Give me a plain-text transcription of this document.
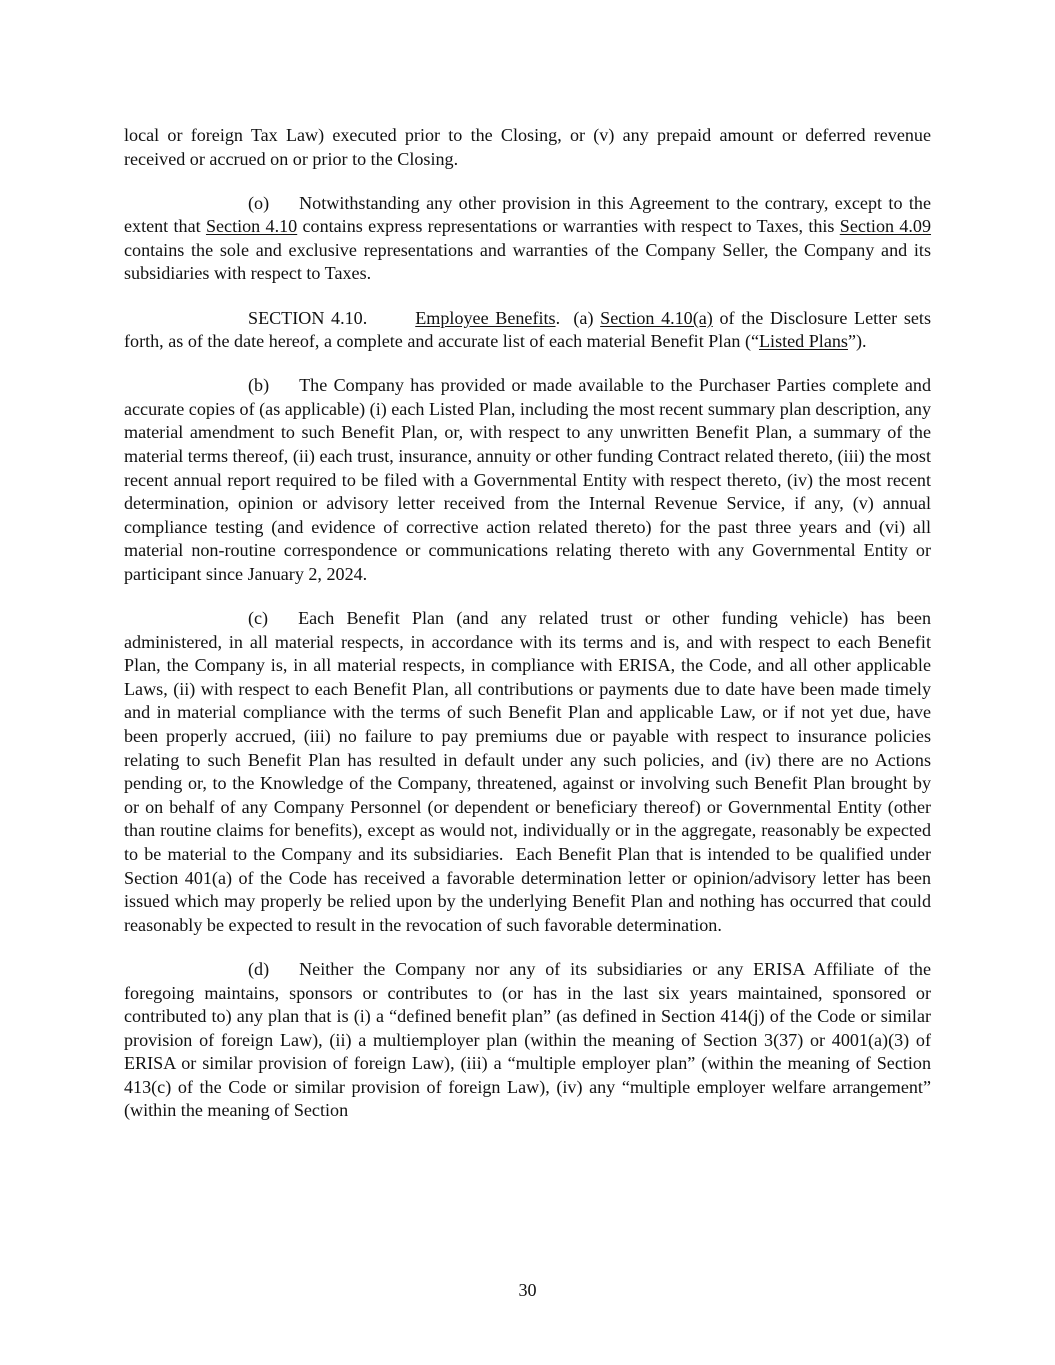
local or foreign Tax Law) executed prior to the Closing, or (v) any prepaid amount or deferred revenue received or accrued on or prior to the Closing.

(o) Notwithstanding any other provision in this Agreement to the contrary, except to the extent that Section 4.10 contains express representations or warranties with respect to Taxes, this Section 4.09 contains the sole and exclusive representations and warranties of the Company Seller, the Company and its subsidiaries with respect to Taxes.

SECTION 4.10.	Employee Benefits.  (a) Section 4.10(a) of the Disclosure Letter sets forth, as of the date hereof, a complete and accurate list of each material Benefit Plan (“Listed Plans”).

(b) The Company has provided or made available to the Purchaser Parties complete and accurate copies of (as applicable) (i) each Listed Plan, including the most recent summary plan description, any material amendment to such Benefit Plan, or, with respect to any unwritten Benefit Plan, a summary of the material terms thereof, (ii) each trust, insurance, annuity or other funding Contract related thereto, (iii) the most recent annual report required to be filed with a Governmental Entity with respect thereto, (iv) the most recent determination, opinion or advisory letter received from the Internal Revenue Service, if any, (v) annual compliance testing (and evidence of corrective action related thereto) for the past three years and (vi) all material non-routine correspondence or communications relating thereto with any Governmental Entity or participant since January 2, 2024.

(c) Each Benefit Plan (and any related trust or other funding vehicle) has been administered, in all material respects, in accordance with its terms and is, and with respect to each Benefit Plan, the Company is, in all material respects, in compliance with ERISA, the Code, and all other applicable Laws, (ii) with respect to each Benefit Plan, all contributions or payments due to date have been made timely and in material compliance with the terms of such Benefit Plan and applicable Law, or if not yet due, have been properly accrued, (iii) no failure to pay premiums due or payable with respect to insurance policies relating to such Benefit Plan has resulted in default under any such policies, and (iv) there are no Actions pending or, to the Knowledge of the Company, threatened, against or involving such Benefit Plan brought by or on behalf of any Company Personnel (or dependent or beneficiary thereof) or Governmental Entity (other than routine claims for benefits), except as would not, individually or in the aggregate, reasonably be expected to be material to the Company and its subsidiaries.  Each Benefit Plan that is intended to be qualified under Section 401(a) of the Code has received a favorable determination letter or opinion/advisory letter has been issued which may properly be relied upon by the underlying Benefit Plan and nothing has occurred that could reasonably be expected to result in the revocation of such favorable determination.

(d) Neither the Company nor any of its subsidiaries or any ERISA Affiliate of the foregoing maintains, sponsors or contributes to (or has in the last six years maintained, sponsored or contributed to) any plan that is (i) a “defined benefit plan” (as defined in Section 414(j) of the Code or similar provision of foreign Law), (ii) a multiemployer plan (within the meaning of Section 3(37) or 4001(a)(3) of ERISA or similar provision of foreign Law), (iii) a “multiple employer plan” (within the meaning of Section 413(c) of the Code or similar provision of foreign Law), (iv) any “multiple employer welfare arrangement” (within the meaning of Section

30
